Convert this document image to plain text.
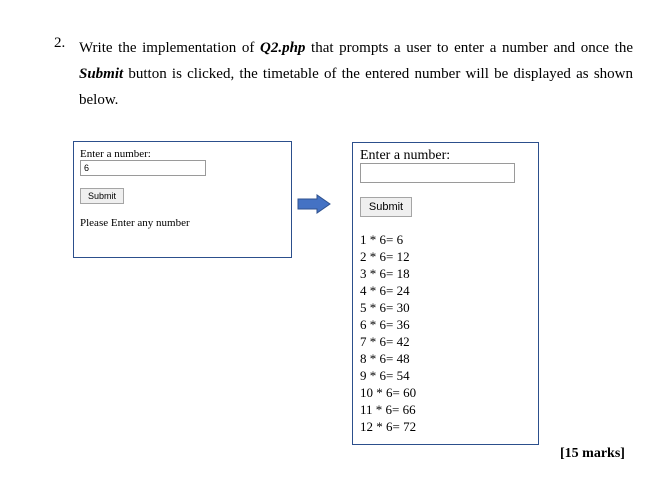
2. Write the implementation of Q2.php that prompts a user to enter a number and once the Submit button is clicked, the timetable of the entered number will be displayed as shown below.
Enter a number:
6
Submit
Please Enter any number
Enter a number:
Submit
1 * 6= 6
2 * 6= 12
3 * 6= 18
4 * 6= 24
5 * 6= 30
6 * 6= 36
7 * 6= 42
8 * 6= 48
9 * 6= 54
10 * 6= 60
11 * 6= 66
12 * 6= 72
[15 marks]
